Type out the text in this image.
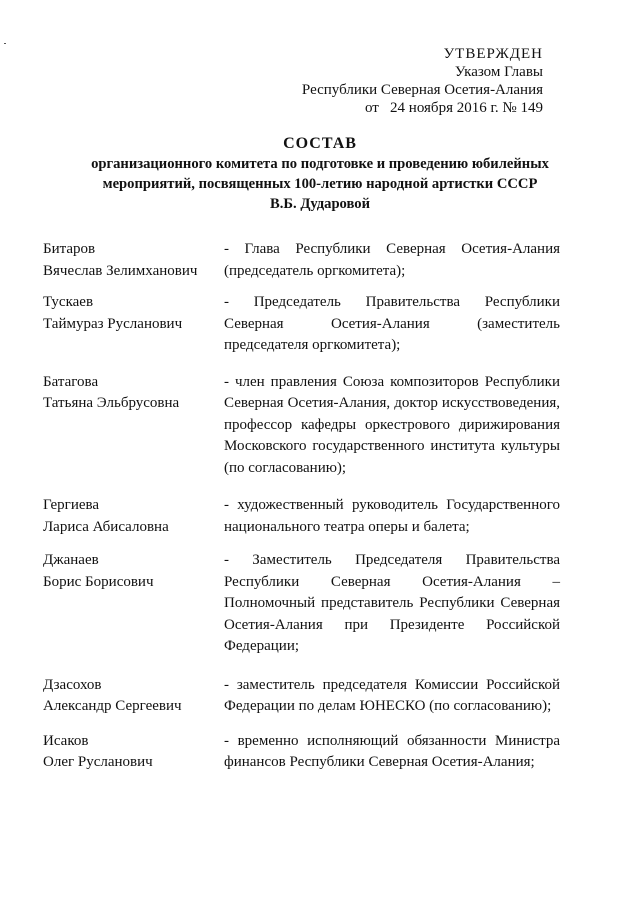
УТВЕРЖДЕН
Указом Главы
Республики Северная Осетия-Алания
от   24 ноября 2016 г. № 149
СОСТАВ
организационного комитета по подготовке и проведению юбилейных
мероприятий, посвященных 100-летию народной артистки СССР
В.Б. Дударовой
Битаров
Вячеслав Зелимханович
- Глава Республики Северная Осетия-Алания (председатель оргкомитета);
Тускаев
Таймураз Русланович
- Председатель Правительства Республики Северная Осетия-Алания (заместитель председателя оргкомитета);
Батагова
Татьяна Эльбрусовна
- член правления Союза композиторов Республики Северная Осетия-Алания, доктор искусствоведения, профессор кафедры оркестрового дирижирования Московского государственного института культуры (по согласованию);
Гергиева
Лариса Абисаловна
- художественный руководитель Государственного национального театра оперы и балета;
Джанаев
Борис Борисович
- Заместитель Председателя Правительства Республики Северная Осетия-Алания – Полномочный представитель Республики Северная Осетия-Алания при Президенте Российской Федерации;
Дзасохов
Александр Сергеевич
- заместитель председателя Комиссии Российской Федерации по делам ЮНЕСКО (по согласованию);
Исаков
Олег Русланович
- временно исполняющий обязанности Министра финансов Республики Северная Осетия-Алания;
